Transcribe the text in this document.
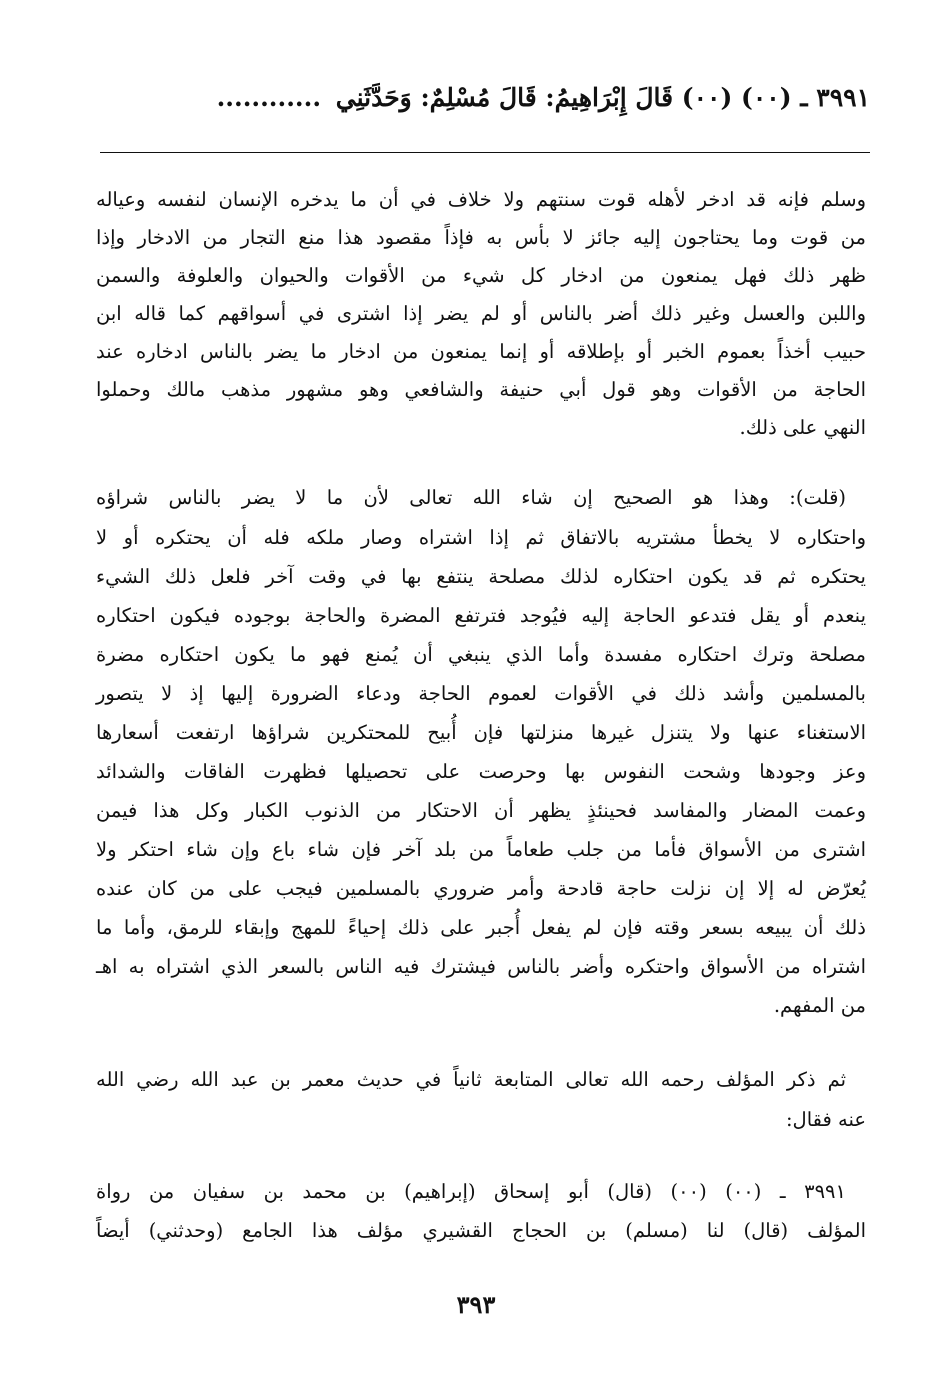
٣٩٩١ ـ (٠٠) (٠٠) قَالَ إِبْرَاهِيمُ: قَالَ مُسْلِمٌ: وَحَدَّثَنِي ............
وسلم فإنه قد ادخر لأهله قوت سنتهم ولا خلاف في أن ما يدخره الإنسان لنفسه وعياله
من قوت وما يحتاجون إليه جائز لا بأس به فإذاً مقصود هذا منع التجار من الادخار وإذا
ظهر ذلك فهل يمنعون من ادخار كل شيء من الأقوات والحيوان والعلوفة والسمن
واللبن والعسل وغير ذلك أضر بالناس أو لم يضر إذا اشترى في أسواقهم كما قاله ابن
حبيب أخذاً بعموم الخبر أو بإطلاقه أو إنما يمنعون من ادخار ما يضر بالناس ادخاره عند
الحاجة من الأقوات وهو قول أبي حنيفة والشافعي وهو مشهور مذهب مالك وحملوا
النهي على ذلك.
(قلت): وهذا هو الصحيح إن شاء الله تعالى لأن ما لا يضر بالناس شراؤه
واحتكاره لا يخطأ مشتريه بالاتفاق ثم إذا اشتراه وصار ملكه فله أن يحتكره أو لا
يحتكره ثم قد يكون احتكاره لذلك مصلحة ينتفع بها في وقت آخر فلعل ذلك الشيء
ينعدم أو يقل فتدعو الحاجة إليه فيُوجد فترتفع المضرة والحاجة بوجوده فيكون احتكاره
مصلحة وترك احتكاره مفسدة وأما الذي ينبغي أن يُمنع فهو ما يكون احتكاره مضرة
بالمسلمين وأشد ذلك في الأقوات لعموم الحاجة ودعاء الضرورة إليها إذ لا يتصور
الاستغناء عنها ولا يتنزل غيرها منزلتها فإن أُبيح للمحتكرين شراؤها ارتفعت أسعارها
وعز وجودها وشحت النفوس بها وحرصت على تحصيلها فظهرت الفاقات والشدائد
وعمت المضار والمفاسد فحينئذٍ يظهر أن الاحتكار من الذنوب الكبار وكل هذا فيمن
اشترى من الأسواق فأما من جلب طعاماً من بلد آخر فإن شاء باع وإن شاء احتكر ولا
يُعرّض له إلا إن نزلت حاجة قادحة وأمر ضروري بالمسلمين فيجب على من كان عنده
ذلك أن يبيعه بسعر وقته فإن لم يفعل أُجبر على ذلك إحياءً للمهج وإبقاء للرمق، وأما ما
اشتراه من الأسواق واحتكره وأضر بالناس فيشترك فيه الناس بالسعر الذي اشتراه به اهـ
من المفهم.
ثم ذكر المؤلف رحمه الله تعالى المتابعة ثانياً في حديث معمر بن عبد الله رضي الله
عنه فقال:
٣٩٩١ ـ (٠٠) (٠٠) (قال) أبو إسحاق (إبراهيم) بن محمد بن سفيان من رواة
المؤلف (قال) لنا (مسلم) بن الحجاج القشيري مؤلف هذا الجامع (وحدثني) أيضاً
٣٩٣
